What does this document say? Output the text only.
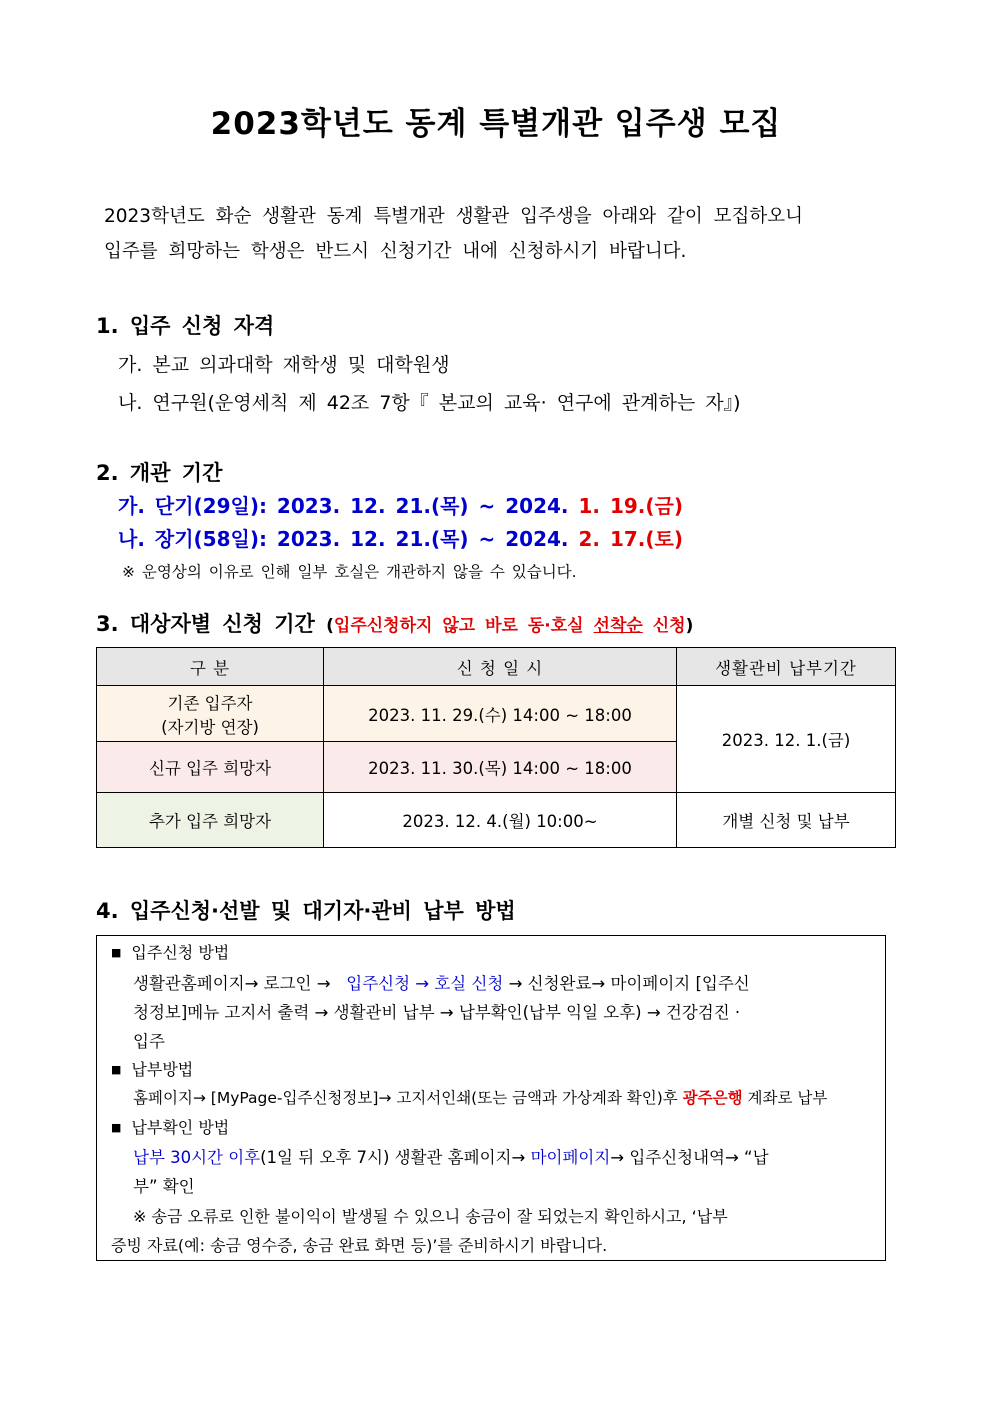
2023학년도 동계 특별개관 입주생 모집
2023학년도 화순 생활관 동계 특별개관 생활관 입주생을 아래와 같이 모집하오니
입주를 희망하는 학생은 반드시 신청기간 내에 신청하시기 바랍니다.
1. 입주 신청 자격
가. 본교 의과대학 재학생 및 대학원생
나. 연구원(운영세칙 제 42조 7항『 본교의 교육· 연구에 관계하는 자』)
2. 개관 기간
가. 단기(29일): 2023. 12. 21.(목) ~ 2024. 1. 19.(금)
나. 장기(58일): 2023. 12. 21.(목) ~ 2024. 2. 17.(토)
※ 운영상의 이유로 인해 일부 호실은 개관하지 않을 수 있습니다.
3. 대상자별 신청 기간 (입주신청하지 않고 바로 동·호실 선착순 신청)
구 분	신 청 일 시	생활관비 납부기간

기존 입주자
(자기방 연장)	2023. 11. 29.(수) 14:00 ~ 18:00	2023. 12. 1.(금)
신규 입주 희망자	2023. 11. 30.(목) 14:00 ~ 18:00	
추가 입주 희망자	2023. 12. 4.(월) 10:00~	개별 신청 및 납부
4. 입주신청·선발 및 대기자·관비 납부 방법
■ 입주신청 방법
생활관홈페이지→ 로그인 → 입주신청 → 호실 신청 → 신청완료→ 마이페이지 [입주신
청정보]메뉴 고지서 출력 → 생활관비 납부 → 납부확인(납부 익일 오후) → 건강검진 ·
입주
■ 납부방법
홈페이지→ [MyPage-입주신청정보]→ 고지서인쇄(또는 금액과 가상계좌 확인)후 광주은행 계좌로 납부
■ 납부확인 방법
납부 30시간 이후(1일 뒤 오후 7시) 생활관 홈페이지→ 마이페이지→ 입주신청내역→ “납
부” 확인
※ 송금 오류로 인한 불이익이 발생될 수 있으니 송금이 잘 되었는지 확인하시고, ‘납부
증빙 자료(예: 송금 영수증, 송금 완료 화면 등)’를 준비하시기 바랍니다.
